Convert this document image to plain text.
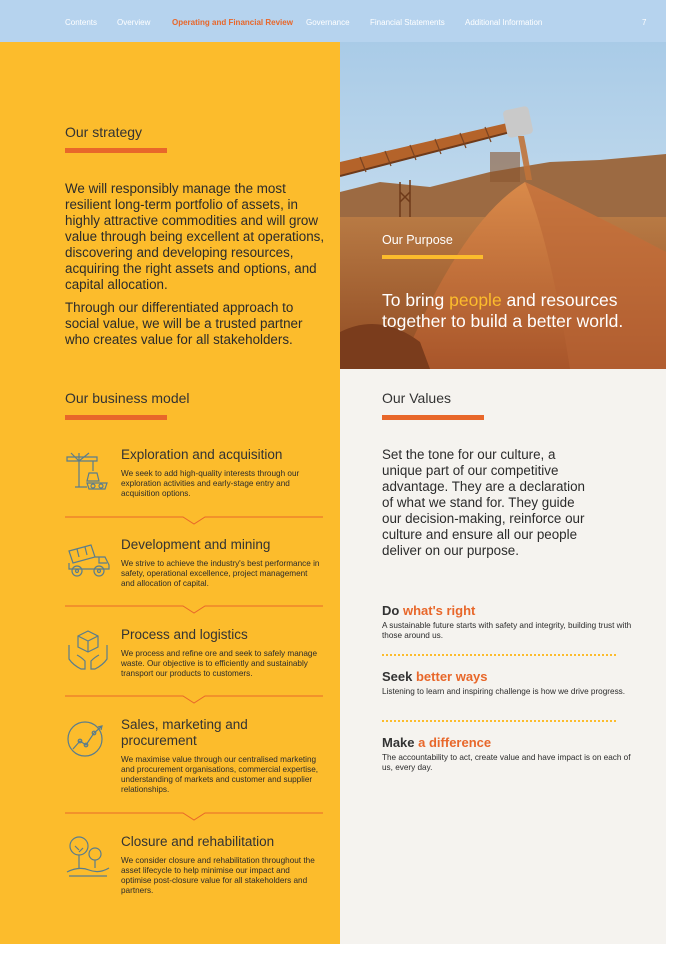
Contents Overview	Operating and Financial Review Governance	Financial Statements	Additional Information	7
Our strategy

We will responsibly manage the most resilient long-term portfolio of assets, in highly attractive commodities and will grow value through being excellent at operations, discovering and developing resources, acquiring the right assets and options, and capital allocation.

Through our differentiated approach to social value, we will be a trusted partner who creates value for all stakeholders.

Our business model
Exploration and acquisition
We seek to add high-quality interests through our exploration activities and early-stage entry and acquisition options.
Development and mining
We strive to achieve the industry's best performance in safety, operational excellence, project management and allocation of capital.
Process and logistics
We process and refine ore and seek to safely manage waste. Our objective is to efficiently and sustainably transport our products to customers.
Sales, marketing and procurement
We maximise value through our centralised marketing and procurement organisations, commercial expertise, understanding of markets and customer and supplier relationships.
Closure and rehabilitation
We consider closure and rehabilitation throughout the asset lifecycle to help minimise our impact and optimise post-closure value for all stakeholders and partners.
Our Purpose

To bring people and resources together to build a better world.

Our Values

Set the tone for our culture, a unique part of our competitive advantage. They are a declaration of what we stand for. They guide our decision-making, reinforce our culture and ensure all our people deliver on our purpose.

Do what's right
A sustainable future starts with safety and integrity, building trust with those around us.
Seek better ways
Listening to learn and inspiring challenge is how we drive progress.
Make a difference
The accountability to act, create value and have impact is on each of us, every day.
